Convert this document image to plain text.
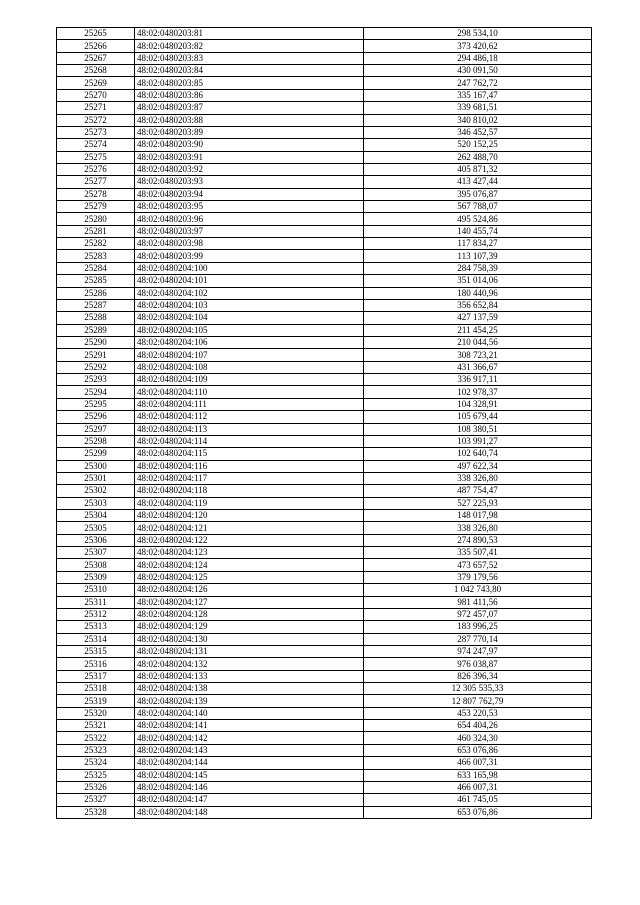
25265	48:02:0480203:81	298 534,10
25266	48:02:0480203:82	373 420,62
25267	48:02:0480203:83	294 486,18
25268	48:02:0480203:84	430 091,50
25269	48:02:0480203:85	247 762,72
25270	48:02:0480203:86	335 167,47
25271	48:02:0480203:87	339 681,51
25272	48:02:0480203:88	340 810,02
25273	48:02:0480203:89	346 452,57
25274	48:02:0480203:90	520 152,25
25275	48:02:0480203:91	262 488,70
25276	48:02:0480203:92	405 871,32
25277	48:02:0480203:93	413 427,44
25278	48:02:0480203:94	395 076,87
25279	48:02:0480203:95	567 788,07
25280	48:02:0480203:96	495 524,86
25281	48:02:0480203:97	140 455,74
25282	48:02:0480203:98	117 834,27
25283	48:02:0480203:99	113 107,39
25284	48:02:0480204:100	284 758,39
25285	48:02:0480204:101	351 014,06
25286	48:02:0480204:102	180 440,96
25287	48:02:0480204:103	356 652,84
25288	48:02:0480204:104	427 137,59
25289	48:02:0480204:105	211 454,25
25290	48:02:0480204:106	210 044,56
25291	48:02:0480204:107	308 723,21
25292	48:02:0480204:108	431 366,67
25293	48:02:0480204:109	336 917,11
25294	48:02:0480204:110	102 978,37
25295	48:02:0480204:111	104 328,91
25296	48:02:0480204:112	105 679,44
25297	48:02:0480204:113	108 380,51
25298	48:02:0480204:114	103 991,27
25299	48:02:0480204:115	102 640,74
25300	48:02:0480204:116	497 622,34
25301	48:02:0480204:117	338 326,80
25302	48:02:0480204:118	487 754,47
25303	48:02:0480204:119	527 225,93
25304	48:02:0480204:120	148 017,98
25305	48:02:0480204:121	338 326,80
25306	48:02:0480204:122	274 890,53
25307	48:02:0480204:123	335 507,41
25308	48:02:0480204:124	473 657,52
25309	48:02:0480204:125	379 179,56
25310	48:02:0480204:126	1 042 743,80
25311	48:02:0480204:127	981 411,56
25312	48:02:0480204:128	972 457,07
25313	48:02:0480204:129	183 996,25
25314	48:02:0480204:130	287 770,14
25315	48:02:0480204:131	974 247,97
25316	48:02:0480204:132	976 038,87
25317	48:02:0480204:133	826 396,34
25318	48:02:0480204:138	12 305 535,33
25319	48:02:0480204:139	12 807 762,79
25320	48:02:0480204:140	453 220,53
25321	48:02:0480204:141	654 404,26
25322	48:02:0480204:142	460 324,30
25323	48:02:0480204:143	653 076,86
25324	48:02:0480204:144	466 007,31
25325	48:02:0480204:145	633 165,98
25326	48:02:0480204:146	466 007,31
25327	48:02:0480204:147	461 745,05
25328	48:02:0480204:148	653 076,86
